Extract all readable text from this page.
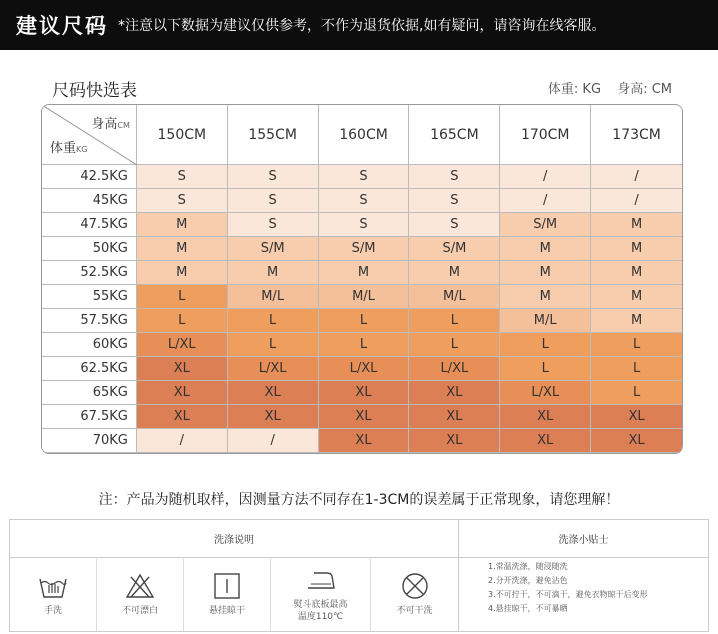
建议尺码 *注意以下数据为建议仅供参考，不作为退货依据,如有疑问，请咨询在线客服。
尺码快选表	体重: KG 身高: CM
身高CM
体重KG
150CM	155CM	160CM	165CM	170CM	173CM
42.5KG	S	S	S	S	/	/
45KG	S	S	S	S	/	/
47.5KG	M	S	S	S	S/M	M
50KG	M	S/M	S/M	S/M	M	M
52.5KG	M	M	M	M	M	M
55KG	L	M/L	M/L	M/L	M	M
57.5KG	L	L	L	L	M/L	M
60KG	L/XL	L	L	L	L	L
62.5KG	XL	L/XL	L/XL	L/XL	L	L
65KG	XL	XL	XL	XL	L/XL	L
67.5KG	XL	XL	XL	XL	XL	XL
70KG	/	/	XL	XL	XL	XL
注：产品为随机取样，因测量方法不同存在1-3CM的误差属于正常现象，请您理解！
洗涤说明	洗涤小贴士
手洗	不可漂白	悬挂晾干
熨斗底板最高
温度110℃
不可干洗
1.常温洗涤，随浸随洗
2.分开洗涤，避免沾色
3.不可拧干，不可滴干，避免衣物晾干后变形
4.悬挂晾干，不可暴晒
